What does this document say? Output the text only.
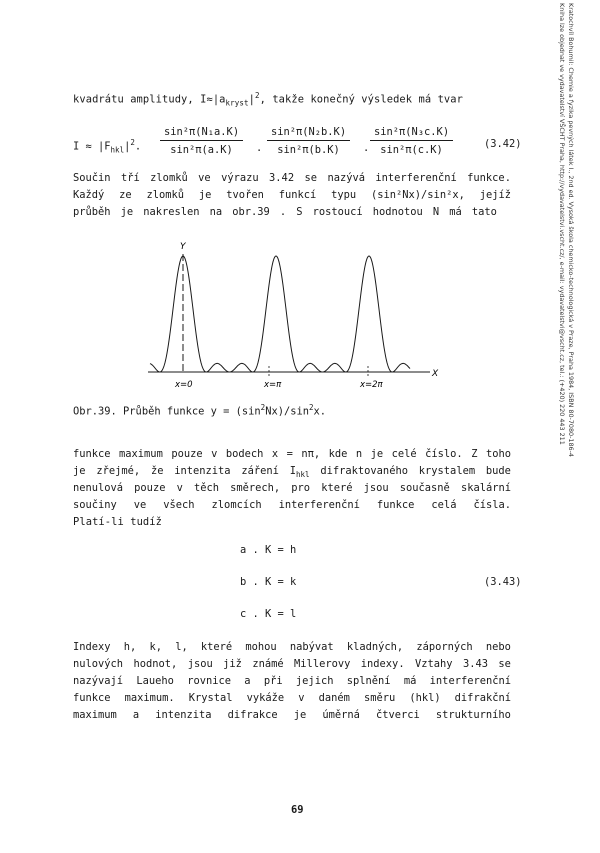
Kratochvíl Bohumil: Chemie a fyzika pevných látek I., 2nd ed. Vysoká škola chemicko-technologická v Praze, Praha 1984, ISBN 80-7080-186-4
Kniha lze objednat ve vydavatelství VŠCHT Praha, http://vydavatelstvi.vscht.cz/, e-mail: vydavatelstvi@vscht.cz, tel.: (+420) 220 443 211
kvadrátu amplitudy, $I\approx|a_{kryst}|^2$, takže konečný výsledek má tvar
$I \approx |F_{hkl}|^2$. $\frac{\text{sin²π(N₁a.K)}}{\text{sin²π(a.K)}}$ . $\frac{\text{sin²π(N₂b.K)}}{\text{sin²π(b.K)}}$ . $\frac{\text{sin²π(N₃c.K)}}{\text{sin²π(c.K)}}$	(3.42)
Součin tří zlomků ve výrazu 3.42 se nazývá interferenční funkce.
Každý ze zlomků je tvořen funkcí typu (sin²Nx)/sin²x, jejíž
průběh je nakreslen na obr.39 . S rostoucí hodnotou N má tato
Y
X
x=0	x=π	x=2π
Obr.39. Průběh funkce $y = (\sin^2Nx)/\sin^2x$.
funkce maximum pouze v bodech x = nπ, kde n je celé číslo. Z toho
je zřejmé, že intenzita záření $I_{hkl}$ difraktovaného krystalem bude
nenulová pouze v těch směrech, pro které jsou současně skalární
součiny ve všech zlomcích interferenční funkce celá čísla.
Platí-li tudíž
a . K = h
b . K = k
c . K = l
(3.43)
Indexy h, k, l, které mohou nabývat kladných, záporných nebo
nulových hodnot, jsou již známé Millerovy indexy. Vztahy 3.43 se
nazývají Laueho rovnice a při jejich splnění má interferenční
funkce maximum. Krystal vykáže v daném směru (hkl) difrakční
maximum a intenzita difrakce je úměrná čtverci strukturního
69
